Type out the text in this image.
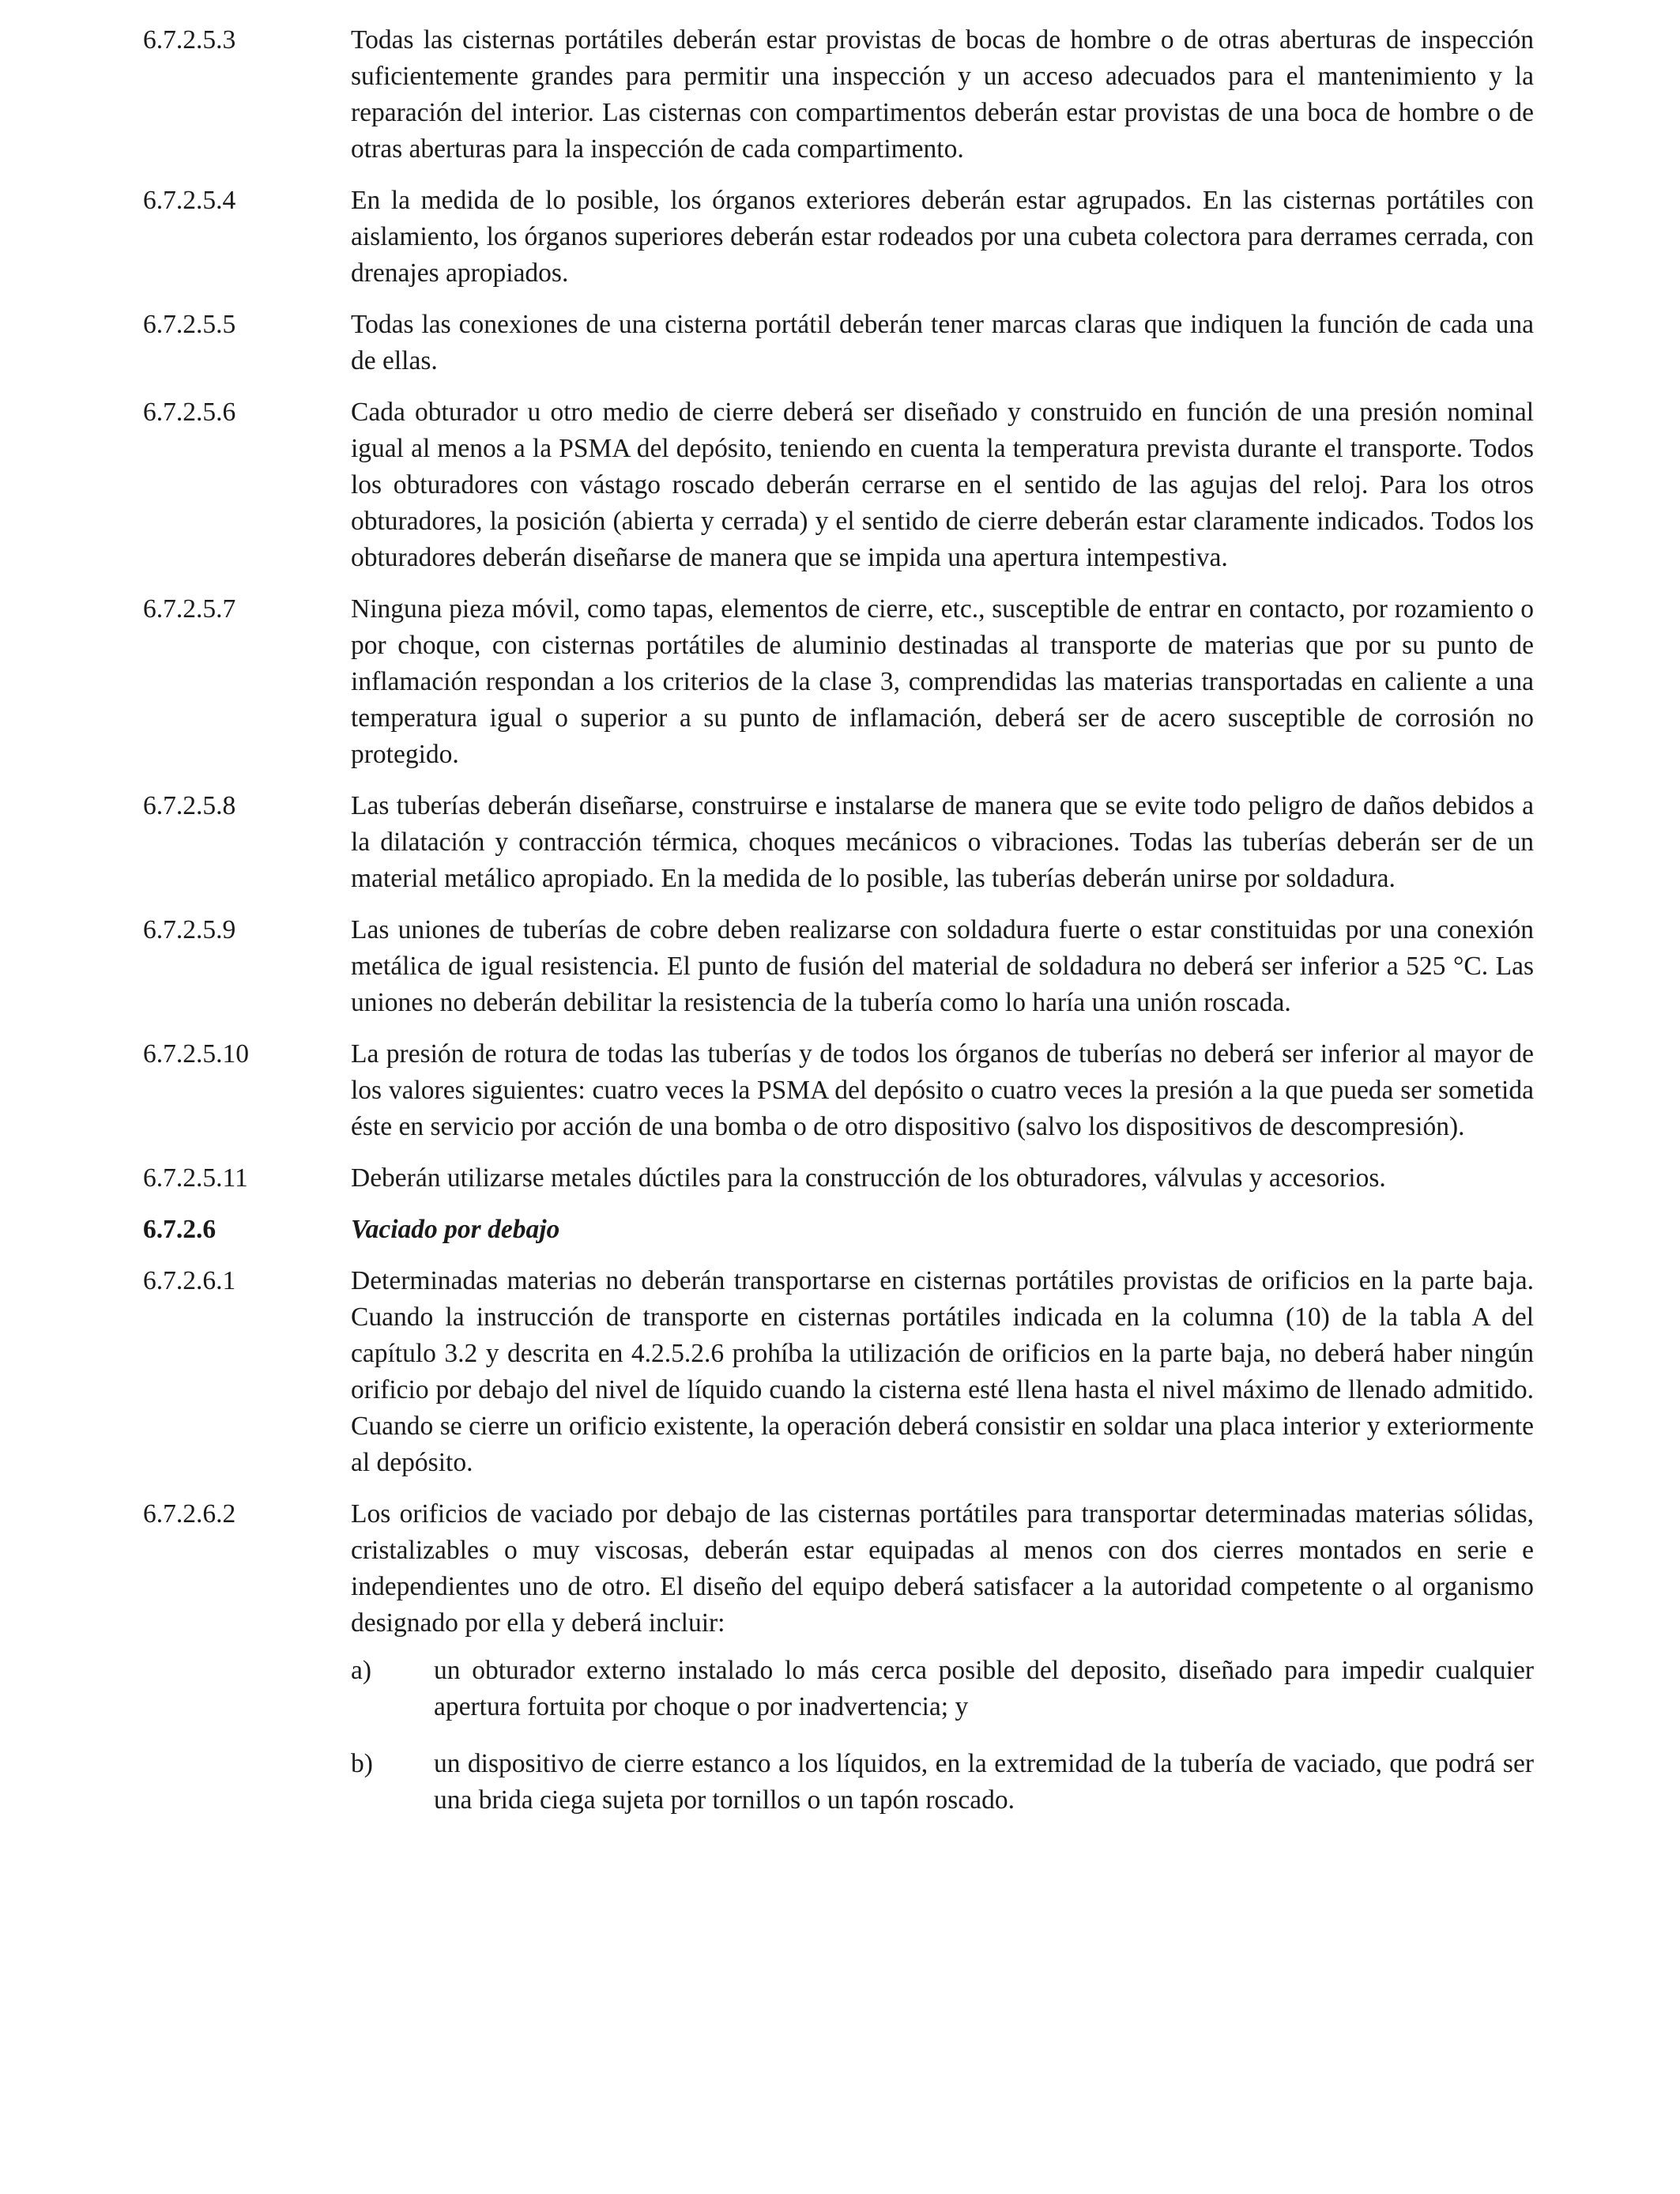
6.7.2.5.3	Todas las cisternas portátiles deberán estar provistas de bocas de hombre o de otras aberturas de inspección suficientemente grandes para permitir una inspección y un acceso adecuados para el mantenimiento y la reparación del interior. Las cisternas con compartimentos deberán estar provistas de una boca de hombre o de otras aberturas para la inspección de cada compartimento.
6.7.2.5.4	En la medida de lo posible, los órganos exteriores deberán estar agrupados. En las cisternas portátiles con aislamiento, los órganos superiores deberán estar rodeados por una cubeta colectora para derrames cerrada, con drenajes apropiados.
6.7.2.5.5	Todas las conexiones de una cisterna portátil deberán tener marcas claras que indiquen la función de cada una de ellas.
6.7.2.5.6	Cada obturador u otro medio de cierre deberá ser diseñado y construido en función de una presión nominal igual al menos a la PSMA del depósito, teniendo en cuenta la temperatura prevista durante el transporte. Todos los obturadores con vástago roscado deberán cerrarse en el sentido de las agujas del reloj. Para los otros obturadores, la posición (abierta y cerrada) y el sentido de cierre deberán estar claramente indicados. Todos los obturadores deberán diseñarse de manera que se impida una apertura intempestiva.
6.7.2.5.7	Ninguna pieza móvil, como tapas, elementos de cierre, etc., susceptible de entrar en contacto, por rozamiento o por choque, con cisternas portátiles de aluminio destinadas al transporte de materias que por su punto de inflamación respondan a los criterios de la clase 3, comprendidas las materias transportadas en caliente a una temperatura igual o superior a su punto de inflamación, deberá ser de acero susceptible de corrosión no protegido.
6.7.2.5.8	Las tuberías deberán diseñarse, construirse e instalarse de manera que se evite todo peligro de daños debidos a la dilatación y contracción térmica, choques mecánicos o vibraciones. Todas las tuberías deberán ser de un material metálico apropiado. En la medida de lo posible, las tuberías deberán unirse por soldadura.
6.7.2.5.9	Las uniones de tuberías de cobre deben realizarse con soldadura fuerte o estar constituidas por una conexión metálica de igual resistencia. El punto de fusión del material de soldadura no deberá ser inferior a 525 °C. Las uniones no deberán debilitar la resistencia de la tubería como lo haría una unión roscada.
6.7.2.5.10	La presión de rotura de todas las tuberías y de todos los órganos de tuberías no deberá ser inferior al mayor de los valores siguientes: cuatro veces la PSMA del depósito o cuatro veces la presión a la que pueda ser sometida éste en servicio por acción de una bomba o de otro dispositivo (salvo los dispositivos de descompresión).
6.7.2.5.11	Deberán utilizarse metales dúctiles para la construcción de los obturadores, válvulas y accesorios.
6.7.2.6	Vaciado por debajo
6.7.2.6.1	Determinadas materias no deberán transportarse en cisternas portátiles provistas de orificios en la parte baja. Cuando la instrucción de transporte en cisternas portátiles indicada en la columna (10) de la tabla A del capítulo 3.2 y descrita en 4.2.5.2.6 prohíba la utilización de orificios en la parte baja, no deberá haber ningún orificio por debajo del nivel de líquido cuando la cisterna esté llena hasta el nivel máximo de llenado admitido. Cuando se cierre un orificio existente, la operación deberá consistir en soldar una placa interior y exteriormente al depósito.
6.7.2.6.2	Los orificios de vaciado por debajo de las cisternas portátiles para transportar determinadas materias sólidas, cristalizables o muy viscosas, deberán estar equipadas al menos con dos cierres montados en serie e independientes uno de otro. El diseño del equipo deberá satisfacer a la autoridad competente o al organismo designado por ella y deberá incluir:
a) un obturador externo instalado lo más cerca posible del deposito, diseñado para impedir cualquier apertura fortuita por choque o por inadvertencia; y
b) un dispositivo de cierre estanco a los líquidos, en la extremidad de la tubería de vaciado, que podrá ser una brida ciega sujeta por tornillos o un tapón roscado.
